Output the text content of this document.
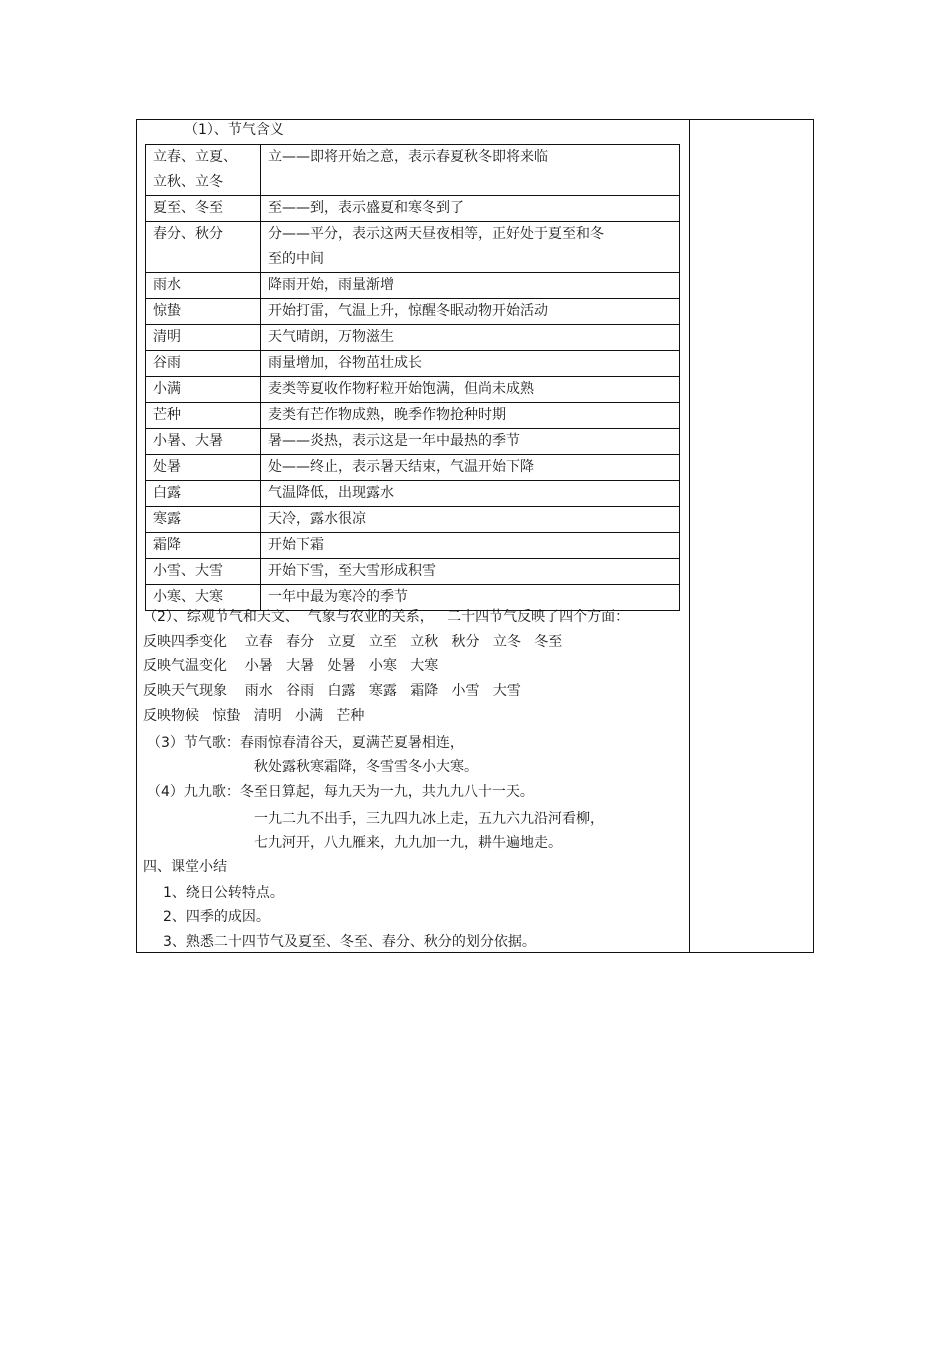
（1）、节气含义
立春、立夏、
立秋、立冬	立——即将开始之意，表示春夏秋冬即将来临

夏至、冬至	至——到，表示盛夏和寒冬到了

春分、秋分	分——平分，表示这两天昼夜相等，正好处于夏至和冬
至的中间

雨水	降雨开始，雨量渐增

惊蛰	开始打雷，气温上升，惊醒冬眠动物开始活动

清明	天气晴朗，万物滋生

谷雨	雨量增加，谷物茁壮成长

小满	麦类等夏收作物籽粒开始饱满，但尚未成熟

芒种	麦类有芒作物成熟，晚季作物抢种时期

小暑、大暑	暑——炎热，表示这是一年中最热的季节

处暑	处——终止，表示暑天结束，气温开始下降

白露	气温降低，出现露水

寒露	天冷，露水很凉

霜降	开始下霜

小雪、大雪	开始下雪，至大雪形成积雪

小寒、大寒	一年中最为寒冷的季节
（2）、综观节气和天文、  气象与农业的关系，   二十四节气反映了四个方面：
反映四季变化    立春   春分   立夏   立至   立秋   秋分   立冬   冬至
反映气温变化    小暑   大暑   处暑   小寒   大寒
反映天气现象    雨水   谷雨   白露   寒露   霜降   小雪   大雪
反映物候   惊蛰   清明   小满   芒种
（3）节气歌：春雨惊春清谷天，夏满芒夏暑相连，
秋处露秋寒霜降，冬雪雪冬小大寒。
（4）九九歌：冬至日算起，每九天为一九，共九九八十一天。
一九二九不出手，三九四九冰上走，五九六九沿河看柳，
七九河开，八九雁来，九九加一九，耕牛遍地走。
四、课堂小结
1、绕日公转特点。
2、四季的成因。
3、熟悉二十四节气及夏至、冬至、春分、秋分的划分依据。
